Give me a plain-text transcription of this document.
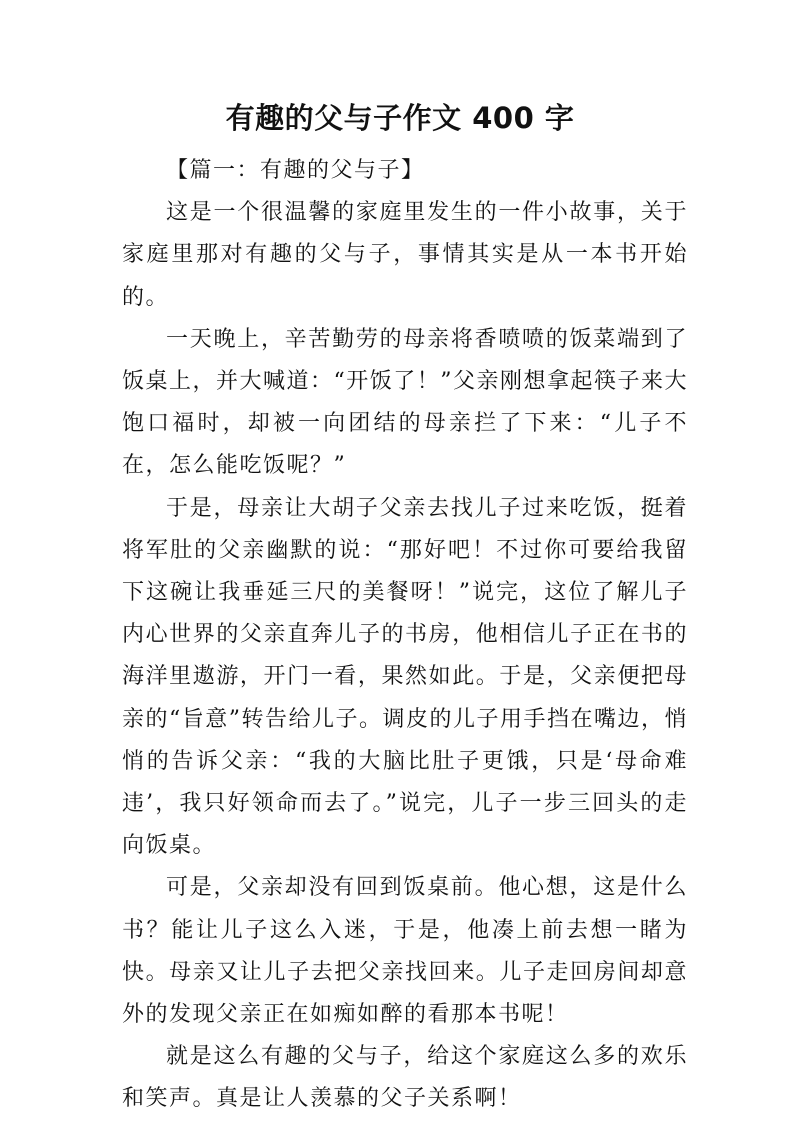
有趣的父与子作文 400 字

【篇一：有趣的父与子】

这是一个很温馨的家庭里发生的一件小故事，关于家庭里那对有趣的父与子，事情其实是从一本书开始的。

一天晚上，辛苦勤劳的母亲将香喷喷的饭菜端到了饭桌上，并大喊道：“开饭了！”父亲刚想拿起筷子来大饱口福时，却被一向团结的母亲拦了下来：“儿子不在，怎么能吃饭呢？”

于是，母亲让大胡子父亲去找儿子过来吃饭，挺着将军肚的父亲幽默的说：“那好吧！不过你可要给我留下这碗让我垂延三尺的美餐呀！”说完，这位了解儿子内心世界的父亲直奔儿子的书房，他相信儿子正在书的海洋里遨游，开门一看，果然如此。于是，父亲便把母亲的“旨意”转告给儿子。调皮的儿子用手挡在嘴边，悄悄的告诉父亲：“我的大脑比肚子更饿，只是‘母命难违’，我只好领命而去了。”说完，儿子一步三回头的走向饭桌。

可是，父亲却没有回到饭桌前。他心想，这是什么书？能让儿子这么入迷，于是，他凑上前去想一睹为快。母亲又让儿子去把父亲找回来。儿子走回房间却意外的发现父亲正在如痴如醉的看那本书呢！

就是这么有趣的父与子，给这个家庭这么多的欢乐和笑声。真是让人羡慕的父子关系啊！
